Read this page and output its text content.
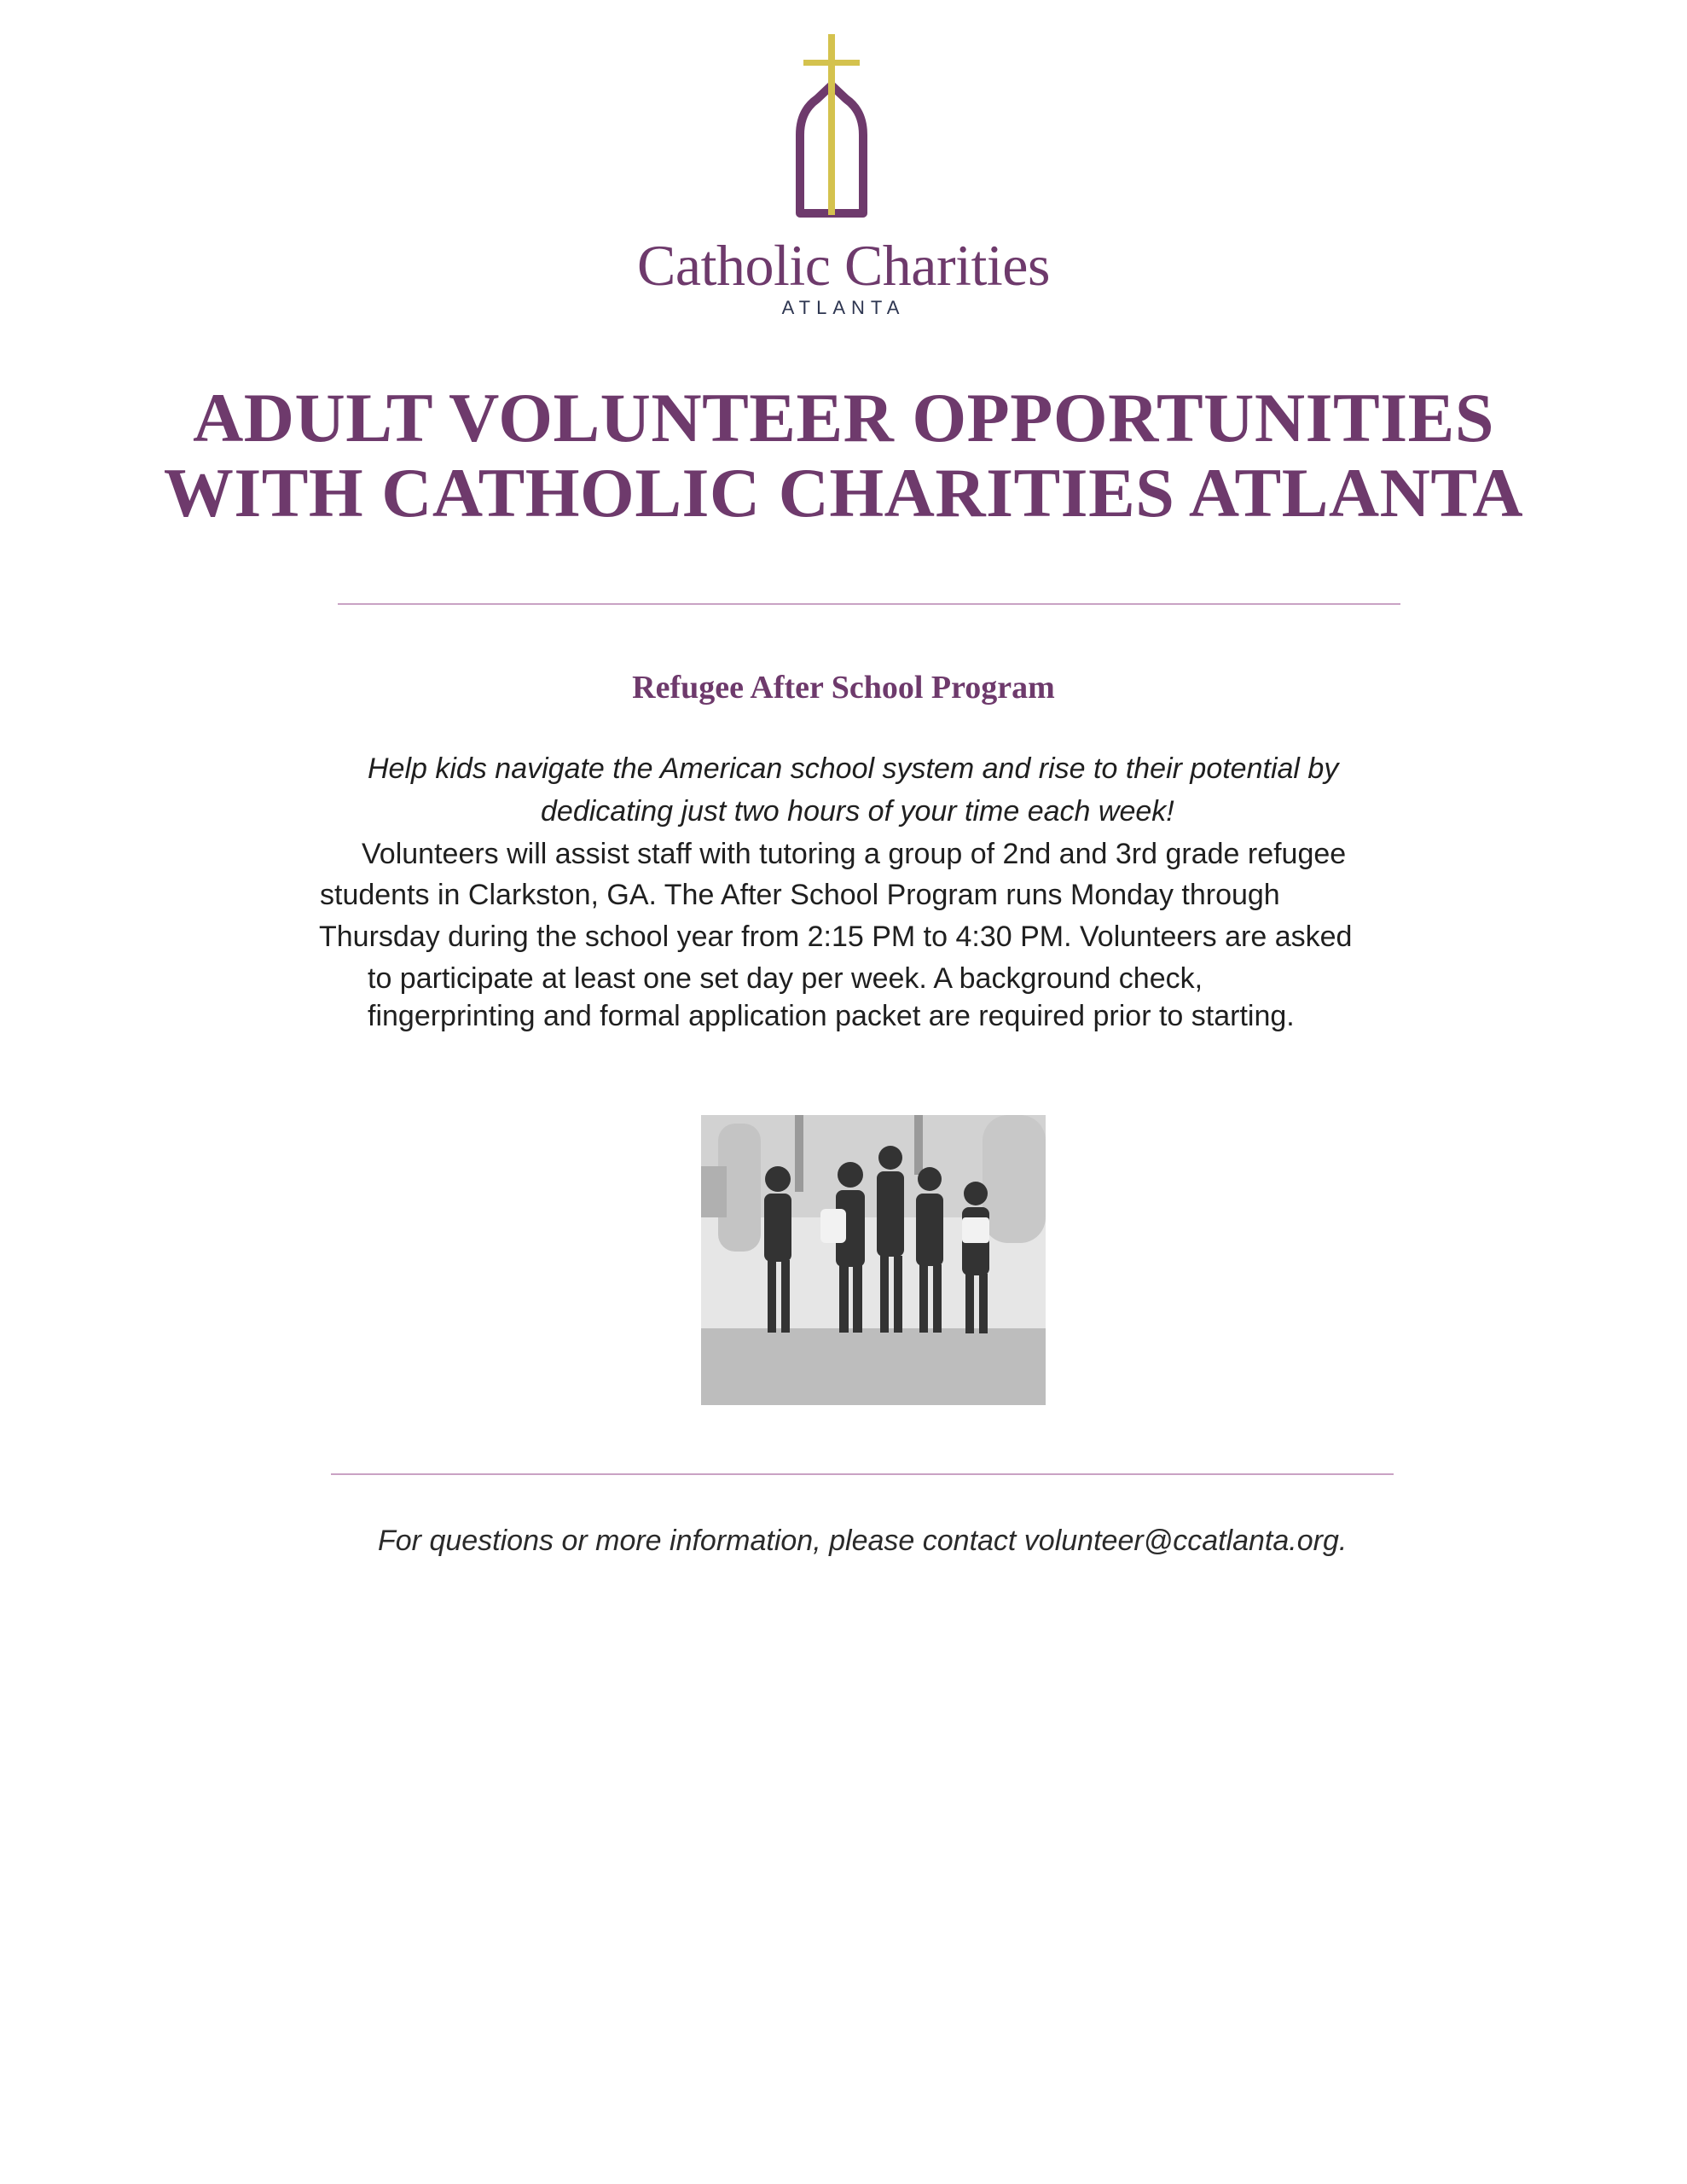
Catholic Charities
ATLANTA
ADULT VOLUNTEER OPPORTUNITIES
WITH CATHOLIC CHARITIES ATLANTA
Refugee After School Program
Help kids navigate the American school system and rise to their potential by
dedicating just two hours of your time each week!
Volunteers will assist staff with tutoring a group of 2nd and 3rd grade refugee
students in Clarkston, GA. The After School Program runs Monday through
Thursday during the school year from 2:15 PM to 4:30 PM. Volunteers are asked
to participate at least one set day per week. A background check,
fingerprinting and formal application packet are required prior to starting.
For questions or more information, please contact volunteer@ccatlanta.org.
